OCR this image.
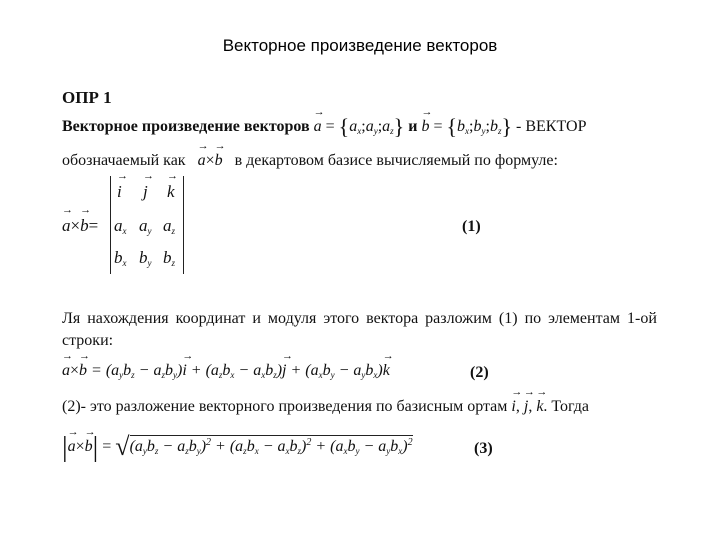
Векторное произведение векторов
ОПР 1
Векторное произведение векторов → $a = \{a_x;a_y;a_z\} и \to b$ = $\{b_x;b_y;b_z\}$ - ВЕКТОР
обозначаемый как → a×→ b в декартовом базисе вычисляемый по формуле:
→ a×→ b=
→ i → j → k
$a_x$ $a_y$ $a_z$
$b_x$ $b_y$ $b_z$
(1)
Ля нахождения координат и модуля этого вектора разложим (1) по элементам 1-ой
строки:
→ $a\times\to b = (a_yb_z - a_zb_y)\to i + (a_zb_x - a_xb_z)\to j + (a_xb_y - a_yb_x)\to k$	(2)
(2)- это разложение векторного произведения по базисным ортам → i, → j, → k. Тогда
|→ $a\times\to b| = √(a_yb_z - a_zb_y)^2 + (a_zb_x - a_xb_z)^2 + (a_xb_y - a_yb_x)^2$	(3)
